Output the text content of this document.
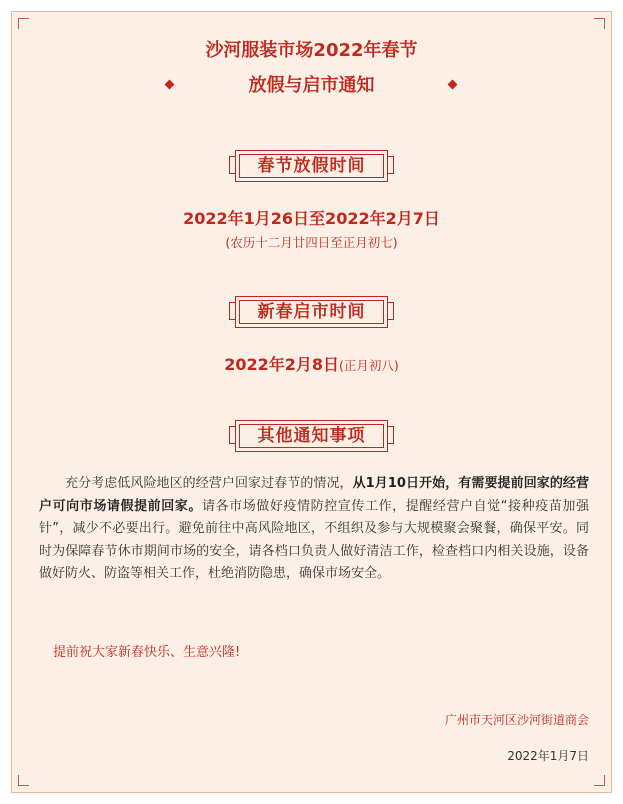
沙河服装市场2022年春节
放假与启市通知
春节放假时间
2022年1月26日至2022年2月7日
(农历十二月廿四日至正月初七)
新春启市时间
2022年2月8日(正月初八)
其他通知事项
充分考虑低风险地区的经营户回家过春节的情况，从1月10日开始，有需要提前回家的经营户可向市场请假提前回家。请各市场做好疫情防控宣传工作，提醒经营户自觉“接种疫苗加强针”，减少不必要出行。避免前往中高风险地区，不组织及参与大规模聚会聚餐，确保平安。同时为保障春节休市期间市场的安全，请各档口负责人做好清洁工作，检查档口内相关设施，设备做好防火、防盗等相关工作，杜绝消防隐患，确保市场安全。
提前祝大家新春快乐、生意兴隆!
广州市天河区沙河街道商会
2022年1月7日
